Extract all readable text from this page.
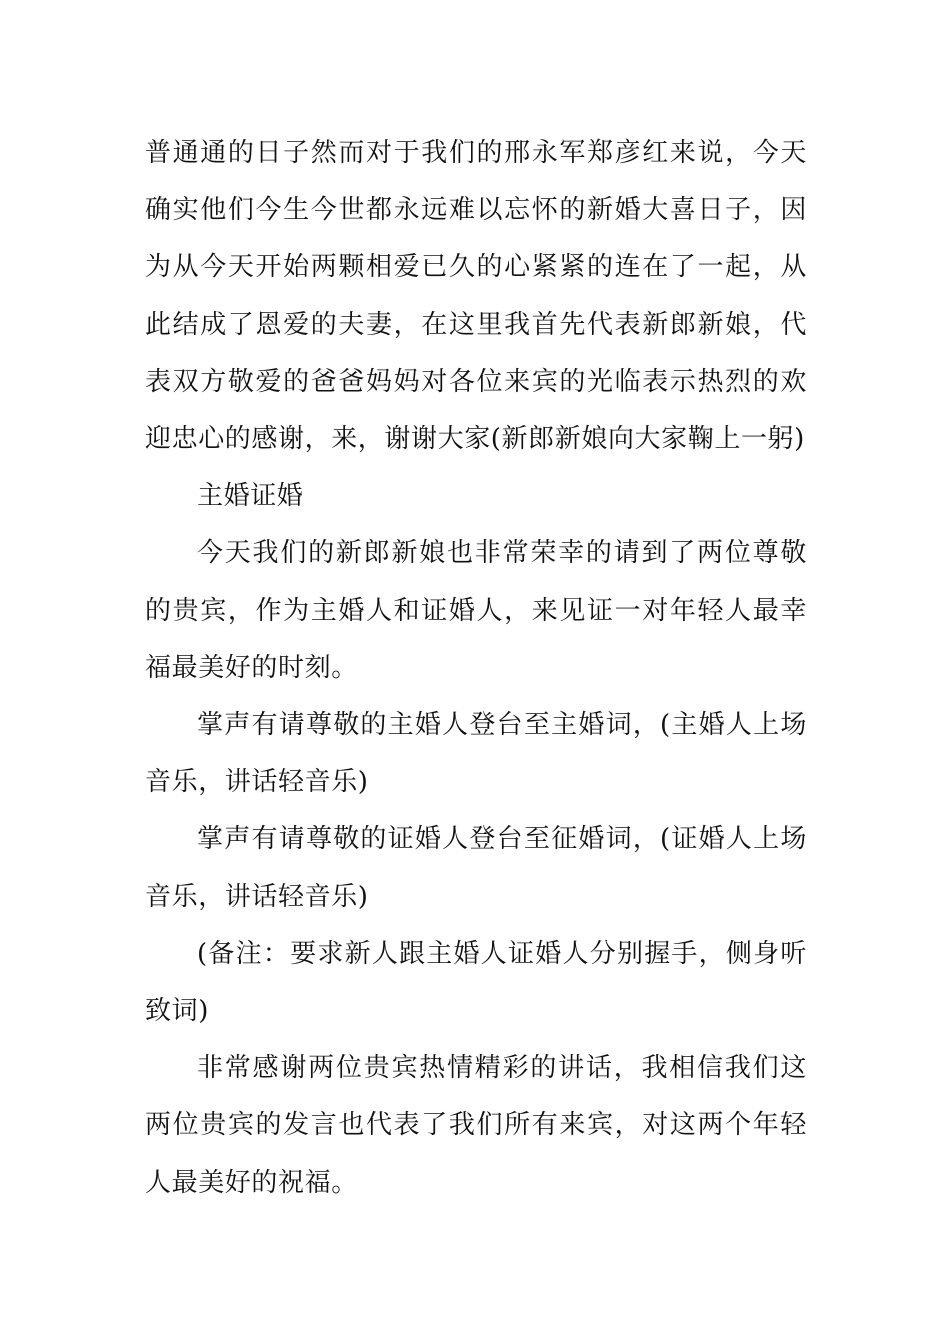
普通通的日子然而对于我们的邢永军郑彦红来说，今天确实他们今生今世都永远难以忘怀的新婚大喜日子，因为从今天开始两颗相爱已久的心紧紧的连在了一起，从此结成了恩爱的夫妻，在这里我首先代表新郎新娘，代表双方敬爱的爸爸妈妈对各位来宾的光临表示热烈的欢迎忠心的感谢，来，谢谢大家(新郎新娘向大家鞠上一躬)

主婚证婚

今天我们的新郎新娘也非常荣幸的请到了两位尊敬的贵宾，作为主婚人和证婚人，来见证一对年轻人最幸福最美好的时刻。

掌声有请尊敬的主婚人登台至主婚词，(主婚人上场音乐，讲话轻音乐)

掌声有请尊敬的证婚人登台至征婚词，(证婚人上场音乐，讲话轻音乐)

(备注：要求新人跟主婚人证婚人分别握手，侧身听致词)

非常感谢两位贵宾热情精彩的讲话，我相信我们这两位贵宾的发言也代表了我们所有来宾，对这两个年轻人最美好的祝福。
